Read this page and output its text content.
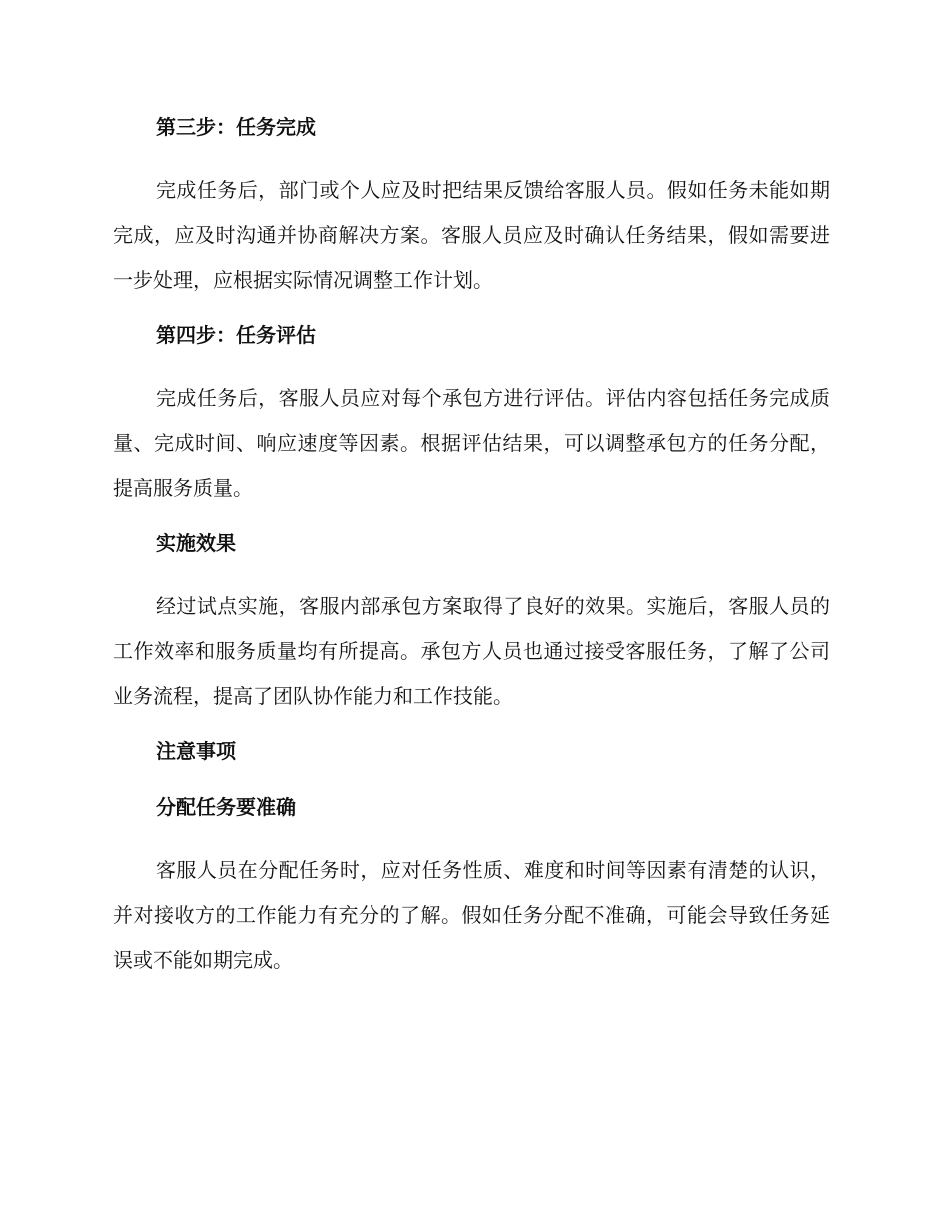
第三步：任务完成

完成任务后，部门或个人应及时把结果反馈给客服人员。假如任务未能如期完成，应及时沟通并协商解决方案。客服人员应及时确认任务结果，假如需要进一步处理，应根据实际情况调整工作计划。

第四步：任务评估

完成任务后，客服人员应对每个承包方进行评估。评估内容包括任务完成质量、完成时间、响应速度等因素。根据评估结果，可以调整承包方的任务分配，提高服务质量。

实施效果

经过试点实施，客服内部承包方案取得了良好的效果。实施后，客服人员的工作效率和服务质量均有所提高。承包方人员也通过接受客服任务，了解了公司业务流程，提高了团队协作能力和工作技能。

注意事项
分配任务要准确

客服人员在分配任务时，应对任务性质、难度和时间等因素有清楚的认识，并对接收方的工作能力有充分的了解。假如任务分配不准确，可能会导致任务延误或不能如期完成。
